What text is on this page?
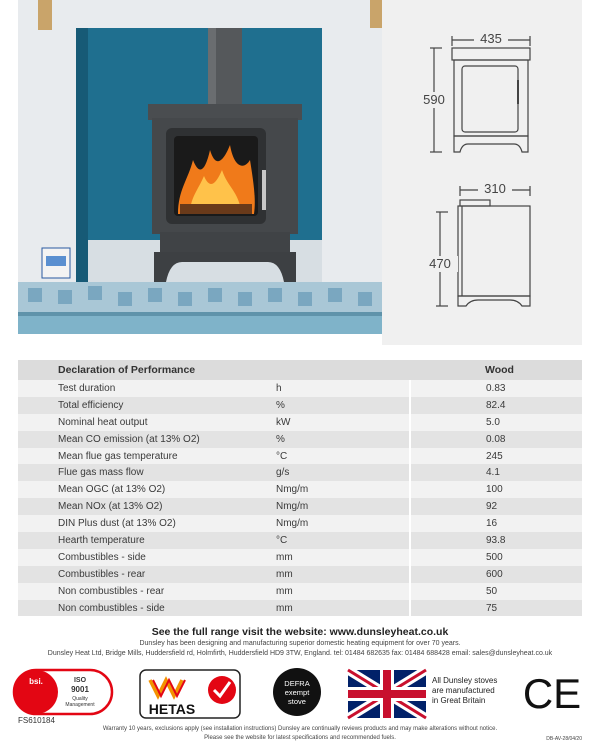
435
590
310
470
Declaration of Performance		Wood
Test duration	h	0.83
Total efficiency	%	82.4
Nominal heat output	kW	5.0
Mean CO emission (at 13% O2)	%	0.08
Mean flue gas temperature	°C	245
Flue gas mass flow	g/s	4.1
Mean OGC (at 13% O2)	Nmg/m	100
Mean NOx (at 13% O2)	Nmg/m	92
DIN Plus dust (at 13% O2)	Nmg/m	16
Hearth temperature	°C	93.8
Combustibles - side	mm	500
Combustibles - rear	mm	600
Non combustibles - rear	mm	50
Non combustibles - side	mm	75
See the full range visit the website: www.dunsleyheat.co.uk
Dunsley has been designing and manufacturing superior domestic heating equipment for over 70 years.
Dunsley Heat Ltd, Bridge Mills, Huddersfield rd, Holmfirth, Huddersfield HD9 3TW, England. tel: 01484 682635 fax: 01484 688428 email: sales@dunsleyheat.co.uk
bsi.	ISO
9001
Quality
Management	HETAS
DEFRA
exempt
stove	CE
All Dunsley stoves
are manufactured
in Great Britain
FS610184
Warranty 10 years, exclusions apply (see installation instructions) Dunsley are continually reviews products and may make alterations without notice.
Please see the website for latest specifications and recommended fuels.	DB-AV-28/04/20
